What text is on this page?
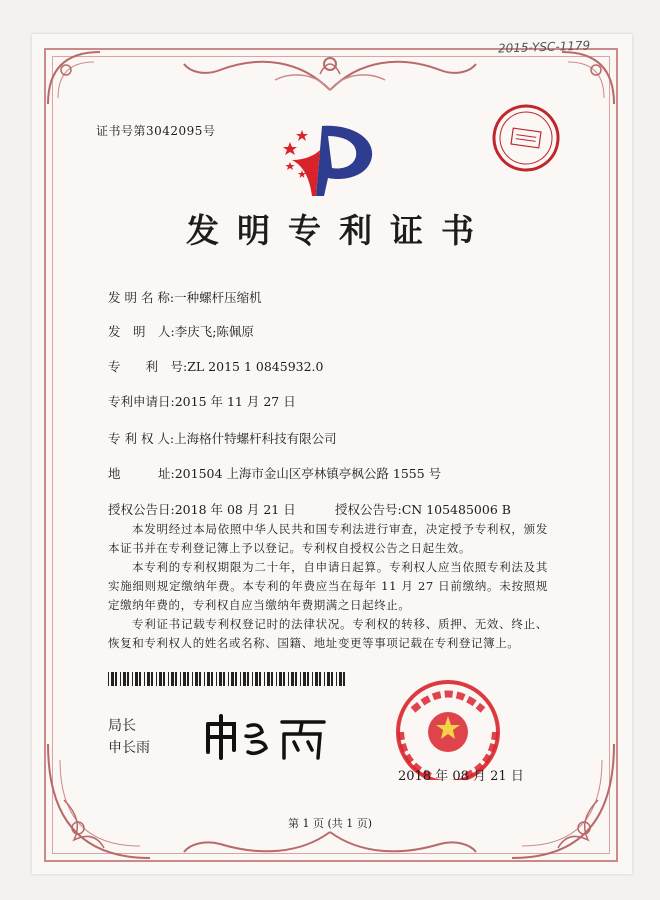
2015-YSC-1179
证书号第3042095号
发明专利证书
发 明 名 称:一种螺杆压缩机
发　明　人:李庆飞;陈佩原
专　　利　号:ZL 2015 1 0845932.0
专利申请日:2015 年 11 月 27 日
专 利 权 人:上海格什特螺杆科技有限公司
地　　　址:201504 上海市金山区亭林镇亭枫公路 1555 号
授权公告日:2018 年 08 月 21 日	授权公告号:CN 105485006 B
本发明经过本局依照中华人民共和国专利法进行审查，决定授予专利权，颁发本证书并在专利登记簿上予以登记。专利权自授权公告之日起生效。
本专利的专利权期限为二十年，自申请日起算。专利权人应当依照专利法及其实施细则规定缴纳年费。本专利的年费应当在每年 11 月 27 日前缴纳。未按照规定缴纳年费的，专利权自应当缴纳年费期满之日起终止。
专利证书记载专利权登记时的法律状况。专利权的转移、质押、无效、终止、恢复和专利权人的姓名或名称、国籍、地址变更等事项记载在专利登记簿上。
局长
申长雨
2018 年 08 月 21 日
第 1 页 (共 1 页)
